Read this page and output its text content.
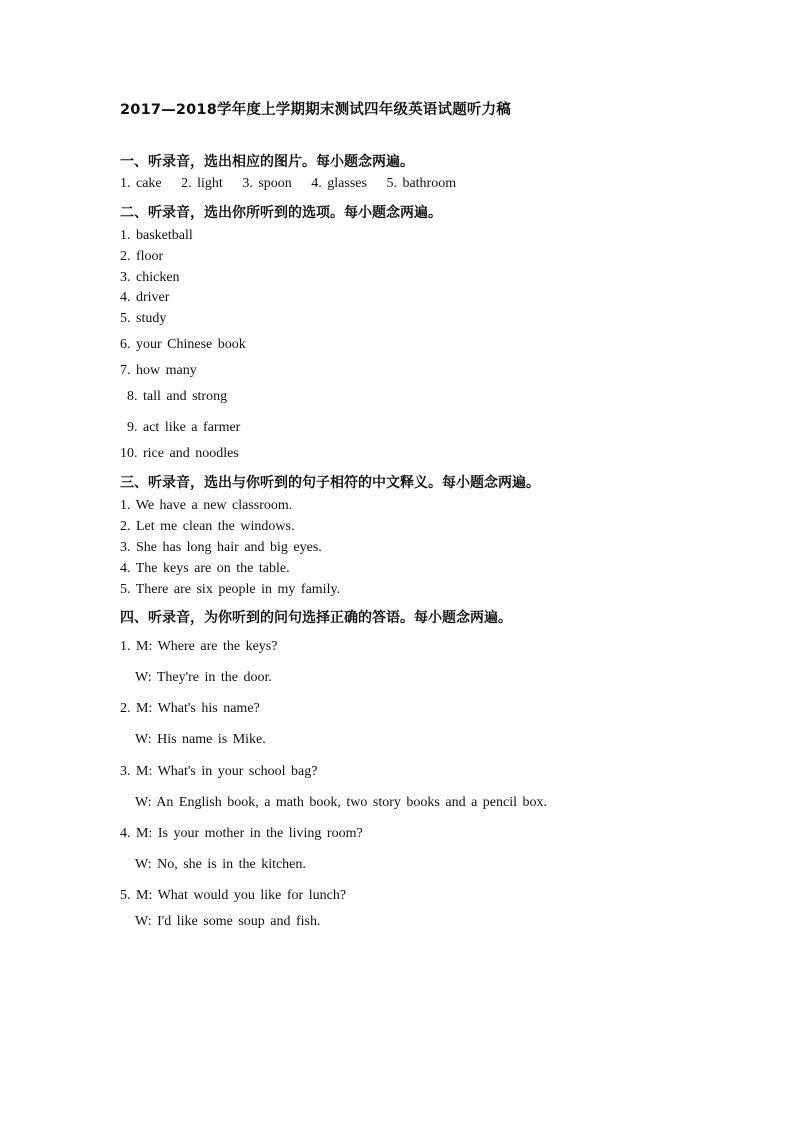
2017—2018学年度上学期期末测试四年级英语试题听力稿
一、听录音，选出相应的图片。每小题念两遍。
1. cake 2. light 3. spoon 4. glasses 5. bathroom
二、听录音，选出你所听到的选项。每小题念两遍。
1. basketball
2. floor
3. chicken
4. driver
5. study
6. your Chinese book
7. how many
8. tall and strong
9. act like a farmer
10. rice and noodles
三、听录音，选出与你听到的句子相符的中文释义。每小题念两遍。
1. We have a new classroom.
2. Let me clean the windows.
3. She has long hair and big eyes.
4. The keys are on the table.
5. There are six people in my family.
四、听录音，为你听到的问句选择正确的答语。每小题念两遍。
1. M: Where are the keys?
W: They're in the door.
2. M: What's his name?
W: His name is Mike.
3. M: What's in your school bag?
W: An English book, a math book, two story books and a pencil box.
4. M: Is your mother in the living room?
W: No, she is in the kitchen.
5. M: What would you like for lunch?
W: I'd like some soup and fish.
